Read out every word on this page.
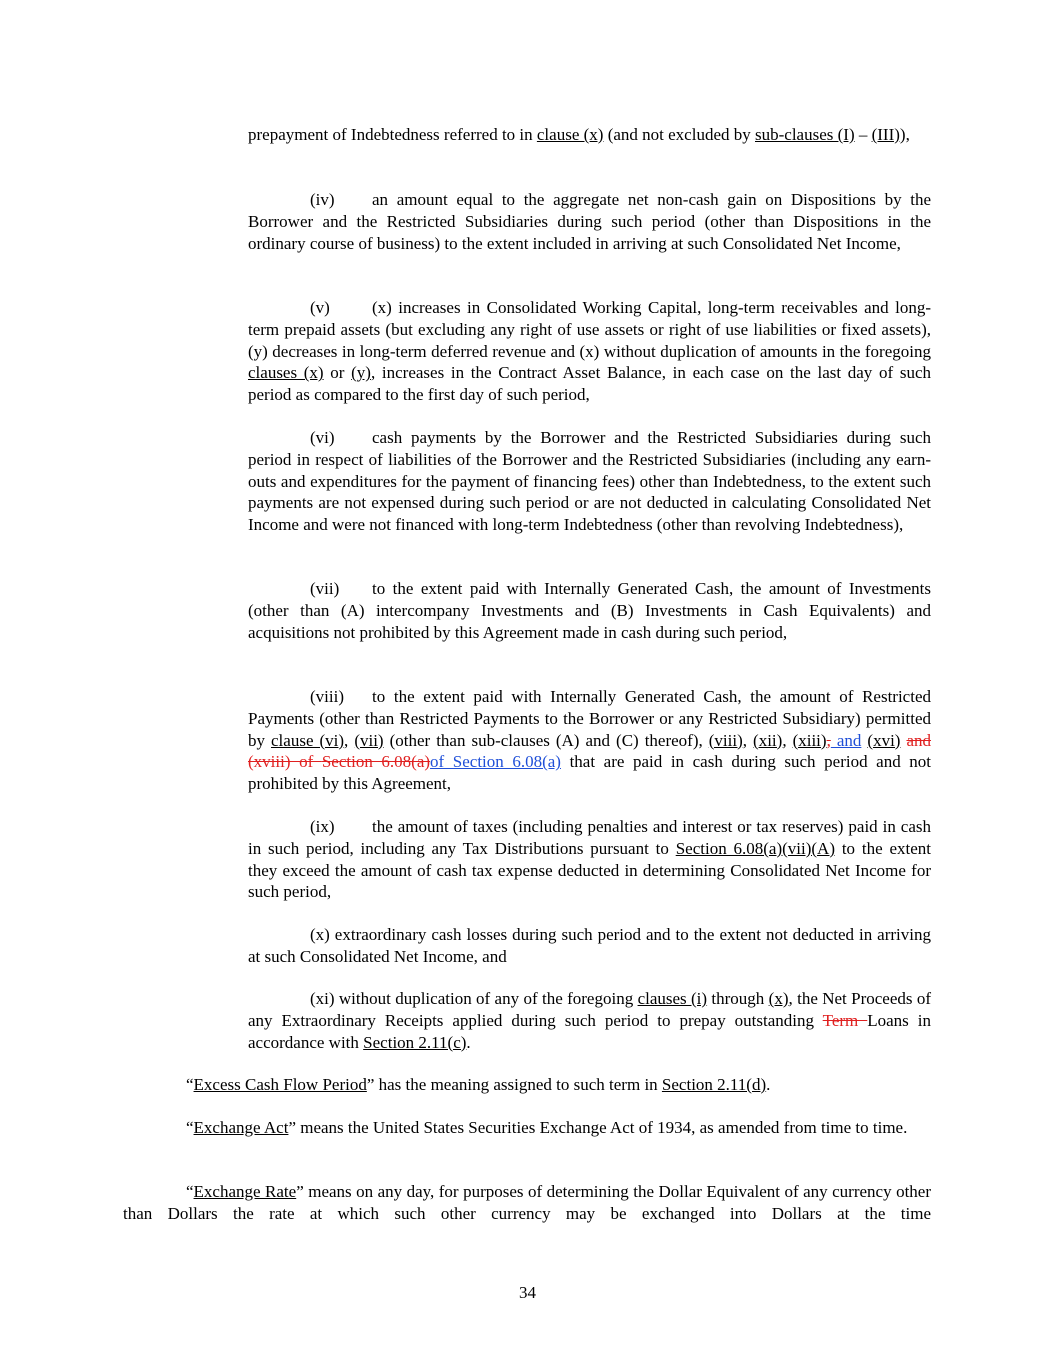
prepayment of Indebtedness referred to in clause (x) (and not excluded by sub-clauses (I) – (III)),

(iv) an amount equal to the aggregate net non-cash gain on Dispositions by the Borrower and the Restricted Subsidiaries during such period (other than Dispositions in the ordinary course of business) to the extent included in arriving at such Consolidated Net Income,

(v) (x) increases in Consolidated Working Capital, long-term receivables and long-term prepaid assets (but excluding any right of use assets or right of use liabilities or fixed assets), (y) decreases in long-term deferred revenue and (x) without duplication of amounts in the foregoing clauses (x) or (y), increases in the Contract Asset Balance, in each case on the last day of such period as compared to the first day of such period,

(vi) cash payments by the Borrower and the Restricted Subsidiaries during such period in respect of liabilities of the Borrower and the Restricted Subsidiaries (including any earn-outs and expenditures for the payment of financing fees) other than Indebtedness, to the extent such payments are not expensed during such period or are not deducted in calculating Consolidated Net Income and were not financed with long-term Indebtedness (other than revolving Indebtedness),

(vii) to the extent paid with Internally Generated Cash, the amount of Investments (other than (A) intercompany Investments and (B) Investments in Cash Equivalents) and acquisitions not prohibited by this Agreement made in cash during such period,

(viii) to the extent paid with Internally Generated Cash, the amount of Restricted Payments (other than Restricted Payments to the Borrower or any Restricted Subsidiary) permitted by clause (vi), (vii) (other than sub-clauses (A) and (C) thereof), (viii), (xii), (xiii), and (xvi) and (xviii) of Section 6.08(a)of Section 6.08(a) that are paid in cash during such period and not prohibited by this Agreement,

(ix) the amount of taxes (including penalties and interest or tax reserves) paid in cash in such period, including any Tax Distributions pursuant to Section 6.08(a)(vii)(A) to the extent they exceed the amount of cash tax expense deducted in determining Consolidated Net Income for such period,

(x) extraordinary cash losses during such period and to the extent not deducted in arriving at such Consolidated Net Income, and

(xi) without duplication of any of the foregoing clauses (i) through (x), the Net Proceeds of any Extraordinary Receipts applied during such period to prepay outstanding Term Loans in accordance with Section 2.11(c).

“Excess Cash Flow Period” has the meaning assigned to such term in Section 2.11(d).

“Exchange Act” means the United States Securities Exchange Act of 1934, as amended from time to time.

“Exchange Rate” means on any day, for purposes of determining the Dollar Equivalent of any currency other than Dollars the rate at which such other currency may be exchanged into Dollars at the time

34
